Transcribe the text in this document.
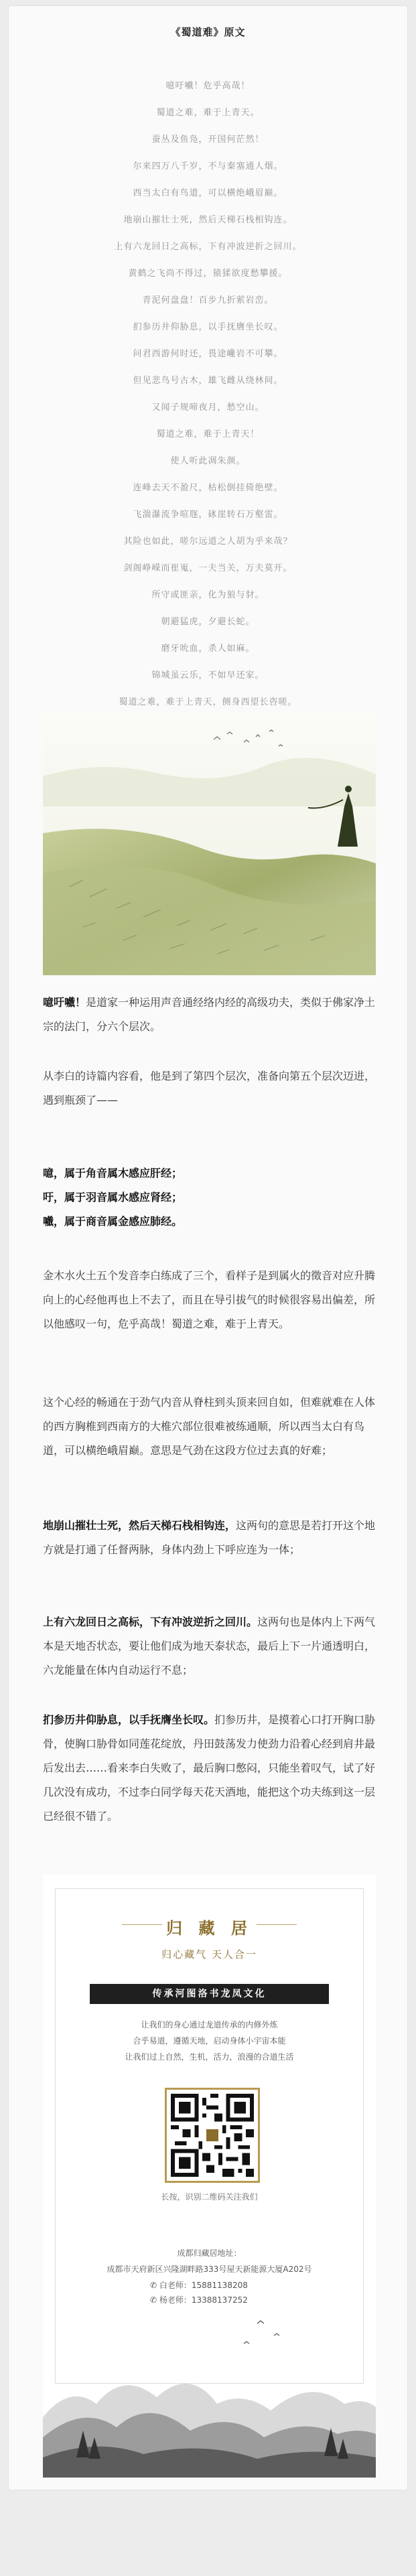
《蜀道难》原文
噫吁嚱！危乎高哉！
蜀道之难，难于上青天。
蚕丛及鱼凫，开国何茫然！
尔来四万八千岁，不与秦塞通人烟。
西当太白有鸟道，可以横绝峨眉巅。
地崩山摧壮士死，然后天梯石栈相钩连。
上有六龙回日之高标，下有冲波逆折之回川。
黄鹤之飞尚不得过，猿猱欲度愁攀援。
青泥何盘盘！百步九折萦岩峦。
扪参历井仰胁息，以手抚膺坐长叹。
问君西游何时还，畏途巉岩不可攀。
但见悲鸟号古木，雄飞雌从绕林间。
又闻子规啼夜月，愁空山。
蜀道之难，难于上青天！
使人听此凋朱颜。
连峰去天不盈尺，枯松倒挂倚绝壁。
飞湍瀑流争喧豗，砯崖转石万壑雷。
其险也如此，嗟尔远道之人胡为乎来哉？
剑阁峥嵘而崔嵬，一夫当关，万夫莫开。
所守或匪亲，化为狼与豺。
朝避猛虎，夕避长蛇。
磨牙吮血，杀人如麻。
锦城虽云乐，不如早还家。
蜀道之难，难于上青天，侧身西望长咨嗟。
噫吁嚱！是道家一种运用声音通经络内经的高级功夫，类似于佛家净土宗的法门，分六个层次。
从李白的诗篇内容看，他是到了第四个层次，准备向第五个层次迈进，遇到瓶颈了——
噫，属于角音属木感应肝经；
吁，属于羽音属水感应肾经；
嚱，属于商音属金感应肺经。
金木水火土五个发音李白练成了三个，看样子是到属火的徵音对应升腾向上的心经他再也上不去了，而且在导引拔气的时候很容易出偏差，所以他感叹一句，危乎高哉！蜀道之难，难于上青天。
这个心经的畅通在于劲气内音从脊柱到头顶来回自如，但难就难在人体的西方胸椎到西南方的大椎穴部位很难被练通顺，所以西当太白有鸟道，可以横绝峨眉巅。意思是气劲在这段方位过去真的好难；
地崩山摧壮士死，然后天梯石栈相钩连，这两句的意思是若打开这个地方就是打通了任督两脉，身体内劲上下呼应连为一体；
上有六龙回日之高标，下有冲波逆折之回川。这两句也是体内上下两气本是天地否状态，要让他们成为地天泰状态，最后上下一片通透明白，六龙能量在体内自动运行不息；
扪参历井仰胁息，以手抚膺坐长叹。扪参历井，是摸着心口打开胸口胁骨，使胸口胁骨如同莲花绽放，丹田鼓荡发力使劲力沿着心经到肩井最后发出去……看来李白失败了，最后胸口憋闷，只能坐着叹气，试了好几次没有成功，不过李白同学每天花天酒地，能把这个功夫练到这一层已经很不错了。
归 藏 居
归心藏气 天人合一
传承河图洛书龙凤文化
让我们的身心通过龙道传承的内修外炼
合乎易道，遵循天地，启动身体小宇宙本能
让我们过上自然，生机，活力，浪漫的合道生活
长按，识别二维码关注我们
成都归藏居地址：
成都市天府新区兴隆湖畔路333号屋天新能源大厦A202号
✆ 白老师：15881138208
✆ 杨老师：13388137252
